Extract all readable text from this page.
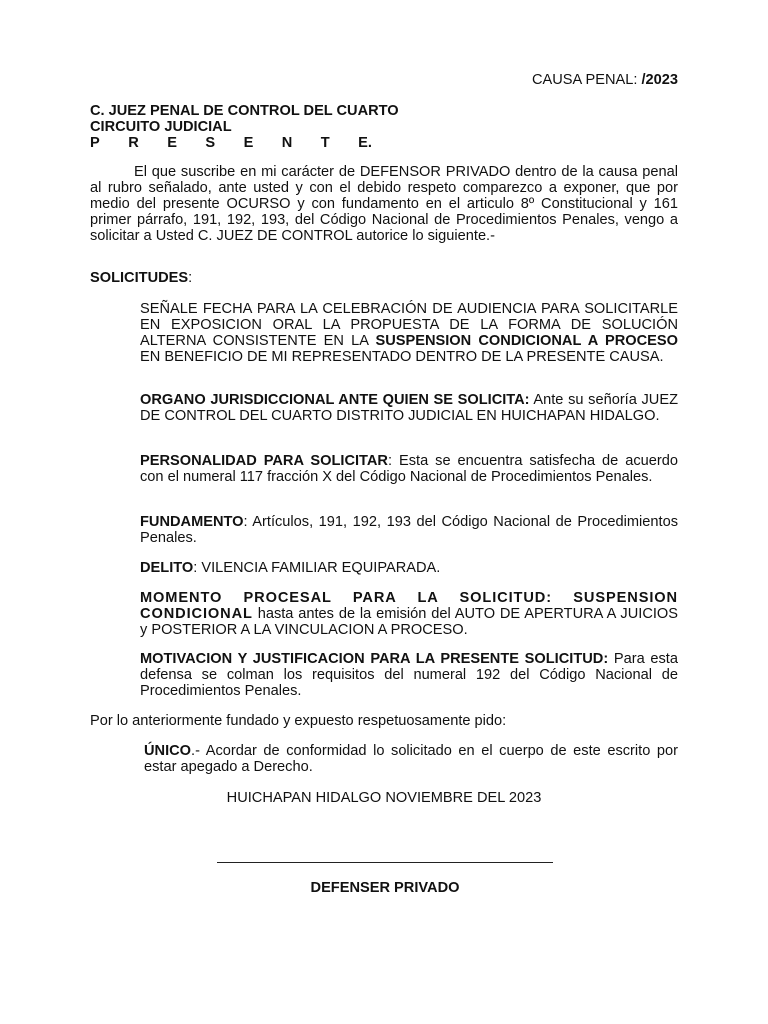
CAUSA PENAL: /2023
C. JUEZ PENAL DE CONTROL DEL CUARTO
CIRCUITO JUDICIAL
P R E S E N T E.
El que suscribe en mi carácter de DEFENSOR PRIVADO dentro de la causa penal al rubro señalado, ante usted y con el debido respeto comparezco a exponer, que por medio del presente OCURSO y con fundamento en el articulo 8º Constitucional y 161 primer párrafo, 191, 192, 193, del Código Nacional de Procedimientos Penales, vengo a solicitar a Usted C. JUEZ DE CONTROL autorice lo siguiente.-
SOLICITUDES:
SEÑALE FECHA PARA LA CELEBRACIÓN DE AUDIENCIA PARA SOLICITARLE EN EXPOSICION ORAL LA PROPUESTA DE LA FORMA DE SOLUCIÓN ALTERNA CONSISTENTE EN LA SUSPENSION CONDICIONAL A PROCESO EN BENEFICIO DE MI REPRESENTADO DENTRO DE LA PRESENTE CAUSA.
ORGANO JURISDICCIONAL ANTE QUIEN SE SOLICITA: Ante su señoría JUEZ DE CONTROL DEL CUARTO DISTRITO JUDICIAL EN HUICHAPAN HIDALGO.
PERSONALIDAD PARA SOLICITAR: Esta se encuentra satisfecha de acuerdo con el numeral 117 fracción X del Código Nacional de Procedimientos Penales.
FUNDAMENTO: Artículos, 191, 192, 193 del Código Nacional de Procedimientos Penales.
DELITO: VILENCIA FAMILIAR EQUIPARADA.
MOMENTO PROCESAL PARA LA SOLICITUD: SUSPENSION CONDICIONAL hasta antes de la emisión del AUTO DE APERTURA A JUICIOS y POSTERIOR A LA VINCULACION A PROCESO.
MOTIVACION Y JUSTIFICACION PARA LA PRESENTE SOLICITUD: Para esta defensa se colman los requisitos del numeral 192 del Código Nacional de Procedimientos Penales.
Por lo anteriormente fundado y expuesto respetuosamente pido:
ÚNICO.- Acordar de conformidad lo solicitado en el cuerpo de este escrito por estar apegado a Derecho.
HUICHAPAN HIDALGO NOVIEMBRE DEL 2023
DEFENSER PRIVADO
